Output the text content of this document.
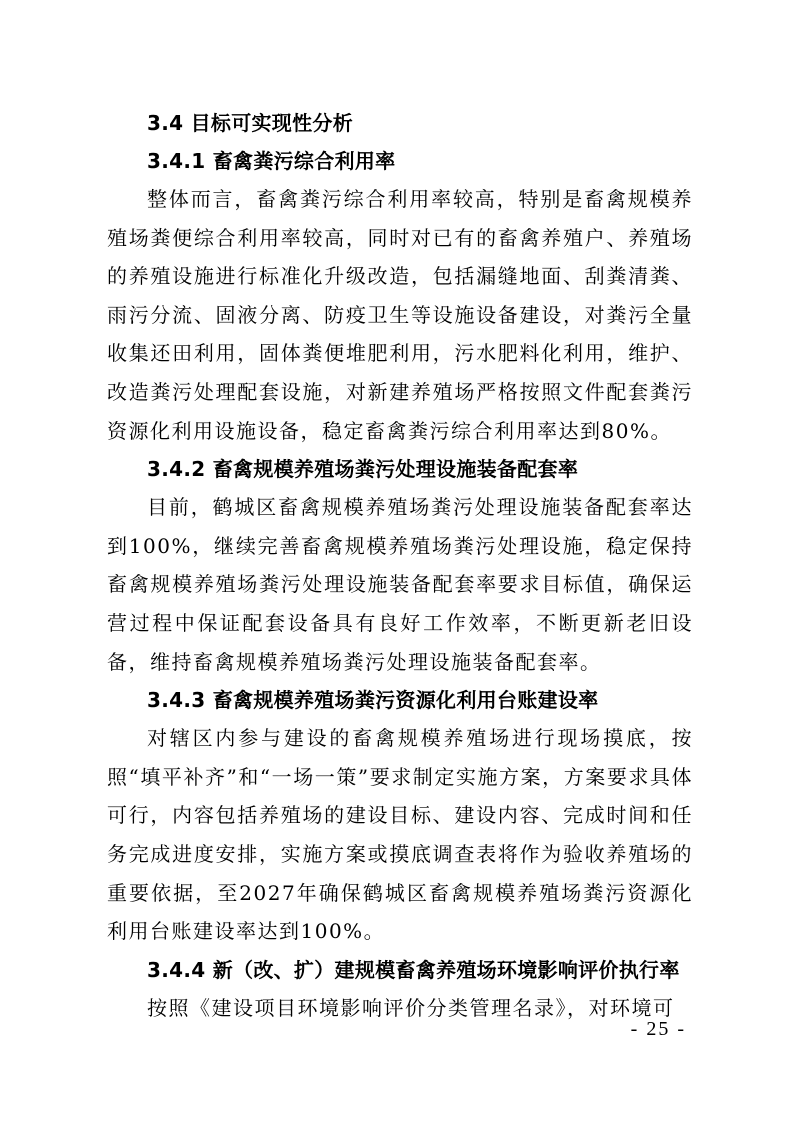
3.4 目标可实现性分析
3.4.1 畜禽粪污综合利用率

整体而言，畜禽粪污综合利用率较高，特别是畜禽规模养殖场粪便综合利用率较高，同时对已有的畜禽养殖户、养殖场的养殖设施进行标准化升级改造，包括漏缝地面、刮粪清粪、雨污分流、固液分离、防疫卫生等设施设备建设，对粪污全量收集还田利用，固体粪便堆肥利用，污水肥料化利用，维护、改造粪污处理配套设施，对新建养殖场严格按照文件配套粪污资源化利用设施设备，稳定畜禽粪污综合利用率达到80%。

3.4.2 畜禽规模养殖场粪污处理设施装备配套率

目前，鹤城区畜禽规模养殖场粪污处理设施装备配套率达到100%，继续完善畜禽规模养殖场粪污处理设施，稳定保持畜禽规模养殖场粪污处理设施装备配套率要求目标值，确保运营过程中保证配套设备具有良好工作效率，不断更新老旧设备，维持畜禽规模养殖场粪污处理设施装备配套率。

3.4.3 畜禽规模养殖场粪污资源化利用台账建设率

对辖区内参与建设的畜禽规模养殖场进行现场摸底，按照“填平补齐”和“一场一策”要求制定实施方案，方案要求具体可行，内容包括养殖场的建设目标、建设内容、完成时间和任务完成进度安排，实施方案或摸底调查表将作为验收养殖场的重要依据，至2027年确保鹤城区畜禽规模养殖场粪污资源化利用台账建设率达到100%。

3.4.4 新（改、扩）建规模畜禽养殖场环境影响评价执行率

按照《建设项目环境影响评价分类管理名录》，对环境可

- 25 -
